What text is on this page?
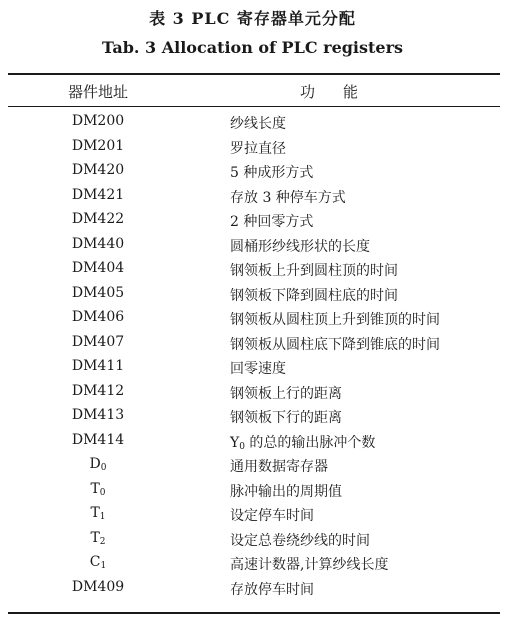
表 3 PLC 寄存器单元分配
Tab. 3 Allocation of PLC registers
器件地址	功能
DM200	纱线长度
DM201	罗拉直径
DM420	5 种成形方式
DM421	存放 3 种停车方式
DM422	2 种回零方式
DM440	圆桶形纱线形状的长度
DM404	钢领板上升到圆柱顶的时间
DM405	钢领板下降到圆柱底的时间
DM406	钢领板从圆柱顶上升到锥顶的时间
DM407	钢领板从圆柱底下降到锥底的时间
DM411	回零速度
DM412	钢领板上行的距离
DM413	钢领板下行的距离
DM414	$Y_0$ 的总的输出脉冲个数
$D_0$	通用数据寄存器
$T_0$	脉冲输出的周期值
$T_1$	设定停车时间
$T_2$	设定总卷绕纱线的时间
$C_1$	高速计数器,计算纱线长度
DM409	存放停车时间
